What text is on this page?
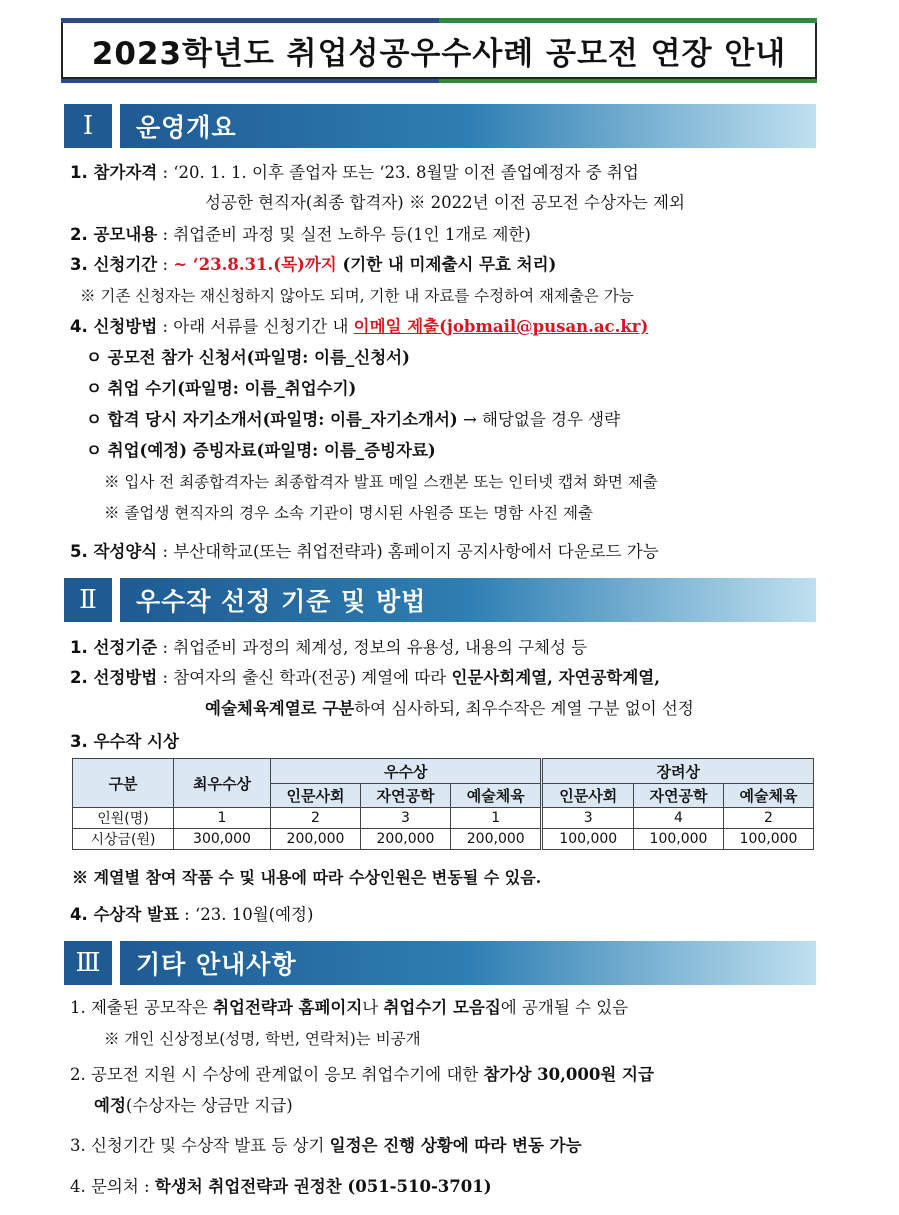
2023학년도 취업성공우수사례 공모전 연장 안내
Ⅰ	운영개요
1. 참가자격 : ‘20. 1. 1. 이후 졸업자 또는 ‘23. 8월말 이전 졸업예정자 중 취업
성공한 현직자(최종 합격자) ※ 2022년 이전 공모전 수상자는 제외
2. 공모내용 : 취업준비 과정 및 실전 노하우 등(1인 1개로 제한)
3. 신청기간 : ~ ‘23.8.31.(목)까지 (기한 내 미제출시 무효 처리)
※ 기존 신청자는 재신청하지 않아도 되며, 기한 내 자료를 수정하여 재제출은 가능
4. 신청방법 : 아래 서류를 신청기간 내 이메일 제출(jobmail@pusan.ac.kr)
ㅇ 공모전 참가 신청서(파일명: 이름_신청서)
ㅇ 취업 수기(파일명: 이름_취업수기)
ㅇ 합격 당시 자기소개서(파일명: 이름_자기소개서) → 해당없을 경우 생략
ㅇ 취업(예정) 증빙자료(파일명: 이름_증빙자료)
※ 입사 전 최종합격자는 최종합격자 발표 메일 스캔본 또는 인터넷 캡쳐 화면 제출
※ 졸업생 현직자의 경우 소속 기관이 명시된 사원증 또는 명함 사진 제출
5. 작성양식 : 부산대학교(또는 취업전략과) 홈페이지 공지사항에서 다운로드 가능
Ⅱ	우수작 선정 기준 및 방법
1. 선정기준 : 취업준비 과정의 체계성, 정보의 유용성, 내용의 구체성 등
2. 선정방법 : 참여자의 출신 학과(전공) 계열에 따라 인문사회계열, 자연공학계열,
예술체육계열로 구분하여 심사하되, 최우수작은 계열 구분 없이 선정
3. 우수작 시상
구분	최우수상	우수상			장려상		
		인문사회	자연공학	예술체육	인문사회	자연공학	예술체육
인원(명)	1	2	3	1	3	4	2
시상금(원)	300,000	200,000	200,000	200,000	100,000	100,000	100,000
※ 계열별 참여 작품 수 및 내용에 따라 수상인원은 변동될 수 있음.
4. 수상작 발표 : ‘23. 10월(예정)
Ⅲ	기타 안내사항
1. 제출된 공모작은 취업전략과 홈페이지나 취업수기 모음집에 공개될 수 있음
※ 개인 신상정보(성명, 학번, 연락처)는 비공개
2. 공모전 지원 시 수상에 관계없이 응모 취업수기에 대한 참가상 30,000원 지급
예정(수상자는 상금만 지급)
3. 신청기간 및 수상작 발표 등 상기 일정은 진행 상황에 따라 변동 가능
4. 문의처 : 학생처 취업전략과 권정찬 (051-510-3701)
